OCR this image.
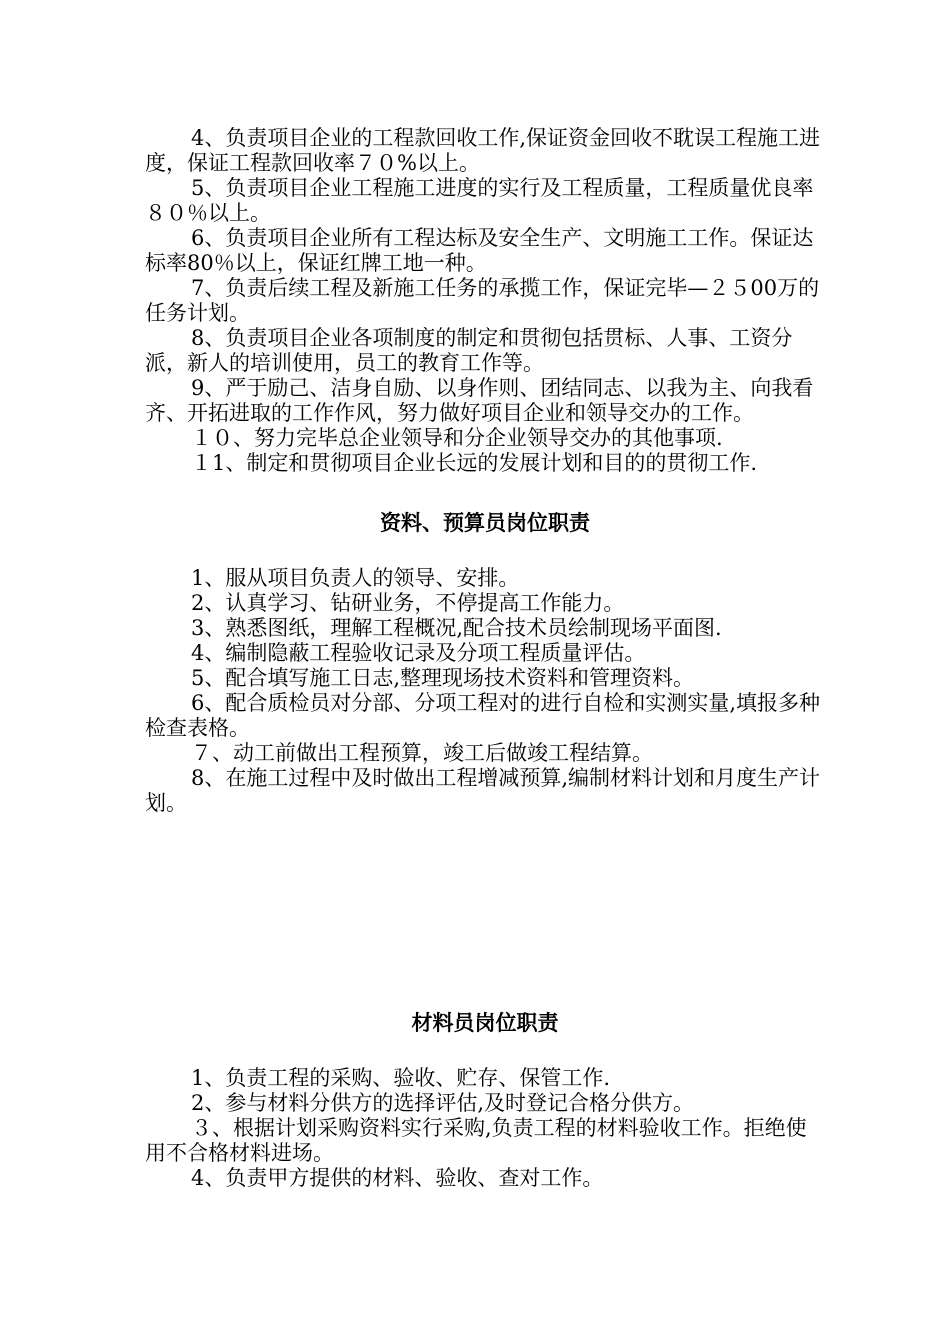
4、负责项目企业的工程款回收工作,保证资金回收不耽误工程施工进度，保证工程款回收率７０%以上。

5、负责项目企业工程施工进度的实行及工程质量，工程质量优良率８０％以上。

6、负责项目企业所有工程达标及安全生产、文明施工工作。保证达标率80％以上，保证红牌工地一种。

7、负责后续工程及新施工任务的承揽工作，保证完毕—２５00万的任务计划。

8、负责项目企业各项制度的制定和贯彻包括贯标、人事、工资分派，新人的培训使用，员工的教育工作等。

9、严于励己、洁身自励、以身作则、团结同志、以我为主、向我看齐、开拓进取的工作作风，努力做好项目企业和领导交办的工作。

１０、努力完毕总企业领导和分企业领导交办的其他事项.

１1、制定和贯彻项目企业长远的发展计划和目的的贯彻工作.

资料、预算员岗位职责

1、服从项目负责人的领导、安排。

2、认真学习、钻研业务，不停提高工作能力。

3、熟悉图纸，理解工程概况,配合技术员绘制现场平面图.

4、编制隐蔽工程验收记录及分项工程质量评估。

5、配合填写施工日志,整理现场技术资料和管理资料。

6、配合质检员对分部、分项工程对的进行自检和实测实量,填报多种检查表格。

７、动工前做出工程预算，竣工后做竣工程结算。

8、在施工过程中及时做出工程增减预算,编制材料计划和月度生产计划。

材料员岗位职责

1、负责工程的采购、验收、贮存、保管工作.

2、参与材料分供方的选择评估,及时登记合格分供方。

３、根据计划采购资料实行采购,负责工程的材料验收工作。拒绝使用不合格材料进场。

4、负责甲方提供的材料、验收、查对工作。
